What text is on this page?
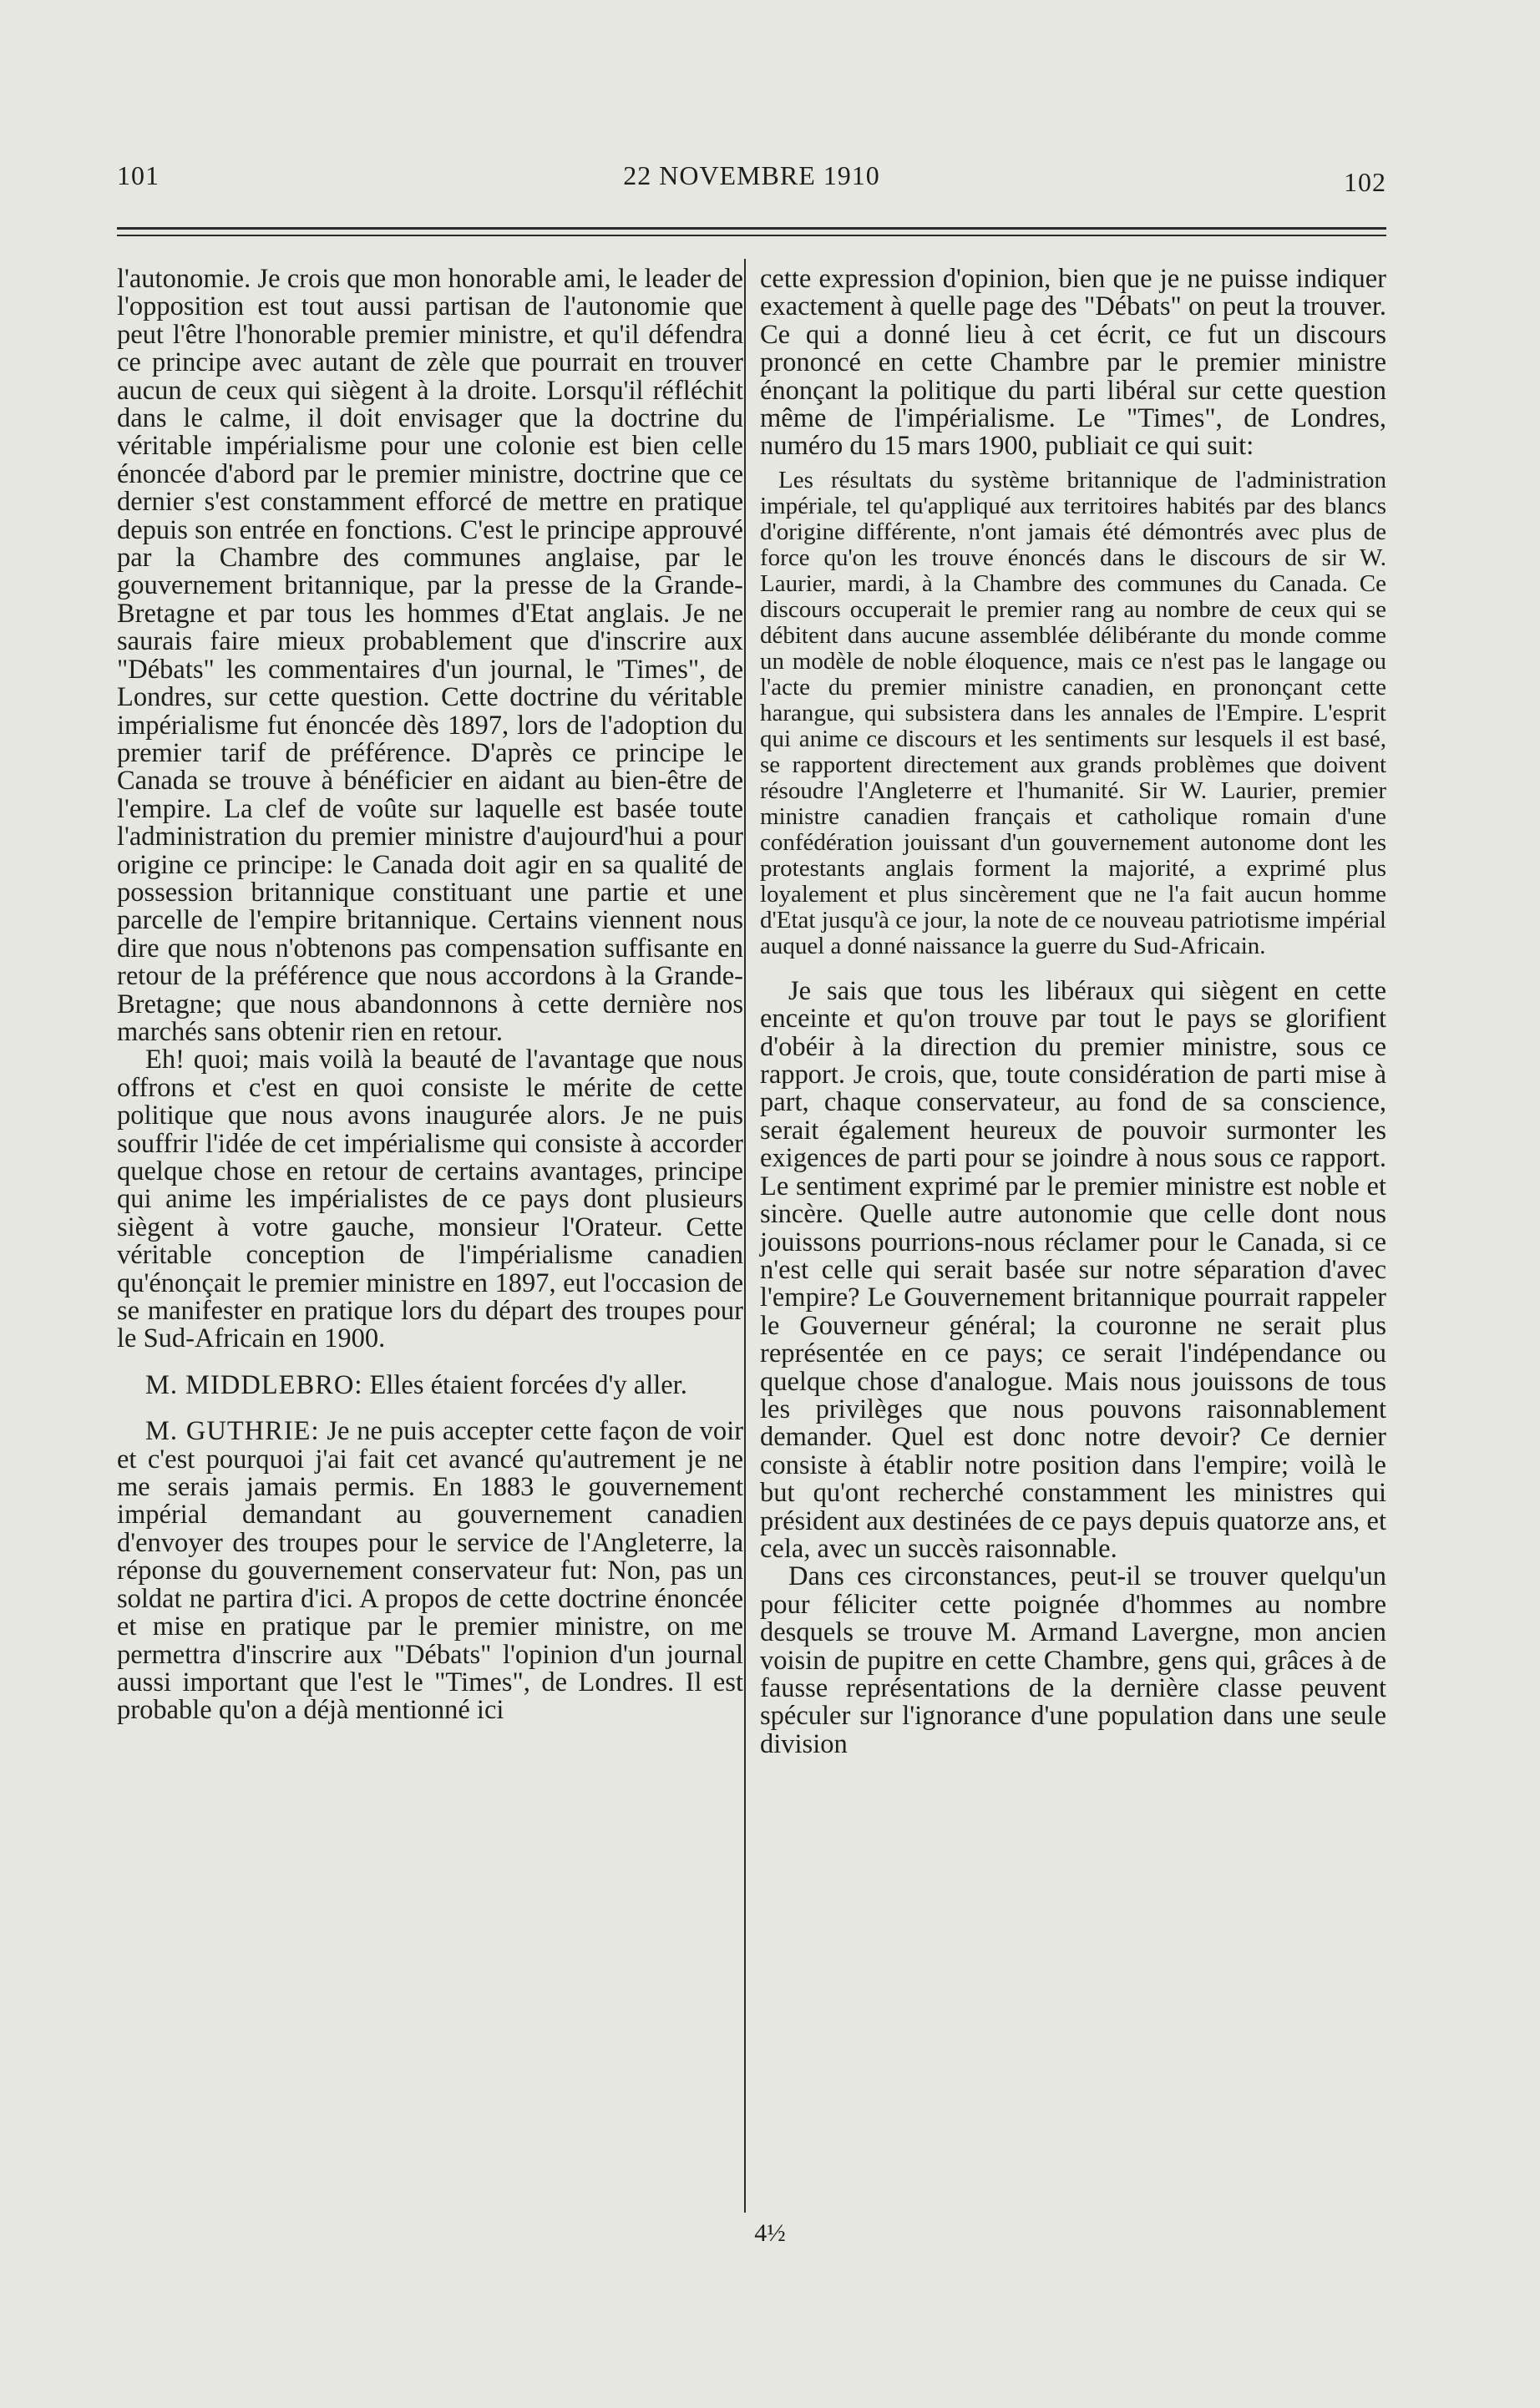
101	22 NOVEMBRE 1910	102

l'autonomie. Je crois que mon honorable ami, le leader de l'opposition est tout aussi partisan de l'autonomie que peut l'être l'honorable premier ministre, et qu'il défendra ce principe avec autant de zèle que pourrait en trouver aucun de ceux qui siègent à la droite. Lorsqu'il réfléchit dans le calme, il doit envisager que la doctrine du véritable impérialisme pour une colonie est bien celle énoncée d'abord par le premier ministre, doctrine que ce dernier s'est constamment efforcé de mettre en pratique depuis son entrée en fonctions. C'est le principe approuvé par la Chambre des communes anglaise, par le gouvernement britannique, par la presse de la Grande-Bretagne et par tous les hommes d'Etat anglais. Je ne saurais faire mieux probablement que d'inscrire aux "Débats" les commentaires d'un journal, le 'Times", de Londres, sur cette question. Cette doctrine du véritable impérialisme fut énoncée dès 1897, lors de l'adoption du premier tarif de préférence. D'après ce principe le Canada se trouve à bénéficier en aidant au bien-être de l'empire. La clef de voûte sur laquelle est basée toute l'administration du premier ministre d'aujourd'hui a pour origine ce principe: le Canada doit agir en sa qualité de possession britannique constituant une partie et une parcelle de l'empire britannique. Certains viennent nous dire que nous n'obtenons pas compensation suffisante en retour de la préférence que nous accordons à la Grande-Bretagne; que nous abandonnons à cette dernière nos marchés sans obtenir rien en retour.

Eh! quoi; mais voilà la beauté de l'avantage que nous offrons et c'est en quoi consiste le mérite de cette politique que nous avons inaugurée alors. Je ne puis souffrir l'idée de cet impérialisme qui consiste à accorder quelque chose en retour de certains avantages, principe qui anime les impérialistes de ce pays dont plusieurs siègent à votre gauche, monsieur l'Orateur. Cette véritable conception de l'impérialisme canadien qu'énonçait le premier ministre en 1897, eut l'occasion de se manifester en pratique lors du départ des troupes pour le Sud-Africain en 1900.

M. MIDDLEBRO: Elles étaient forcées d'y aller.

M. GUTHRIE: Je ne puis accepter cette façon de voir et c'est pourquoi j'ai fait cet avancé qu'autrement je ne me serais jamais permis. En 1883 le gouvernement impérial demandant au gouvernement canadien d'envoyer des troupes pour le service de l'Angleterre, la réponse du gouvernement conservateur fut: Non, pas un soldat ne partira d'ici. A propos de cette doctrine énoncée et mise en pratique par le premier ministre, on me permettra d'inscrire aux "Débats" l'opinion d'un journal aussi important que l'est le "Times", de Londres. Il est probable qu'on a déjà mentionné ici

cette expression d'opinion, bien que je ne puisse indiquer exactement à quelle page des "Débats" on peut la trouver. Ce qui a donné lieu à cet écrit, ce fut un discours prononcé en cette Chambre par le premier ministre énonçant la politique du parti libéral sur cette question même de l'impérialisme. Le "Times", de Londres, numéro du 15 mars 1900, publiait ce qui suit:

Les résultats du système britannique de l'administration impériale, tel qu'appliqué aux territoires habités par des blancs d'origine différente, n'ont jamais été démontrés avec plus de force qu'on les trouve énoncés dans le discours de sir W. Laurier, mardi, à la Chambre des communes du Canada. Ce discours occuperait le premier rang au nombre de ceux qui se débitent dans aucune assemblée délibérante du monde comme un modèle de noble éloquence, mais ce n'est pas le langage ou l'acte du premier ministre canadien, en prononçant cette harangue, qui subsistera dans les annales de l'Empire. L'esprit qui anime ce discours et les sentiments sur lesquels il est basé, se rapportent directement aux grands problèmes que doivent résoudre l'Angleterre et l'humanité. Sir W. Laurier, premier ministre canadien français et catholique romain d'une confédération jouissant d'un gouvernement autonome dont les protestants anglais forment la majorité, a exprimé plus loyalement et plus sincèrement que ne l'a fait aucun homme d'Etat jusqu'à ce jour, la note de ce nouveau patriotisme impérial auquel a donné naissance la guerre du Sud-Africain.

Je sais que tous les libéraux qui siègent en cette enceinte et qu'on trouve par tout le pays se glorifient d'obéir à la direction du premier ministre, sous ce rapport. Je crois, que, toute considération de parti mise à part, chaque conservateur, au fond de sa conscience, serait également heureux de pouvoir surmonter les exigences de parti pour se joindre à nous sous ce rapport. Le sentiment exprimé par le premier ministre est noble et sincère. Quelle autre autonomie que celle dont nous jouissons pourrions-nous réclamer pour le Canada, si ce n'est celle qui serait basée sur notre séparation d'avec l'empire? Le Gouvernement britannique pourrait rappeler le Gouverneur général; la couronne ne serait plus représentée en ce pays; ce serait l'indépendance ou quelque chose d'analogue. Mais nous jouissons de tous les privilèges que nous pouvons raisonnablement demander. Quel est donc notre devoir? Ce dernier consiste à établir notre position dans l'empire; voilà le but qu'ont recherché constamment les ministres qui président aux destinées de ce pays depuis quatorze ans, et cela, avec un succès raisonnable.

Dans ces circonstances, peut-il se trouver quelqu'un pour féliciter cette poignée d'hommes au nombre desquels se trouve M. Armand Lavergne, mon ancien voisin de pupitre en cette Chambre, gens qui, grâces à de fausse représentations de la dernière classe peuvent spéculer sur l'ignorance d'une population dans une seule division

4½
